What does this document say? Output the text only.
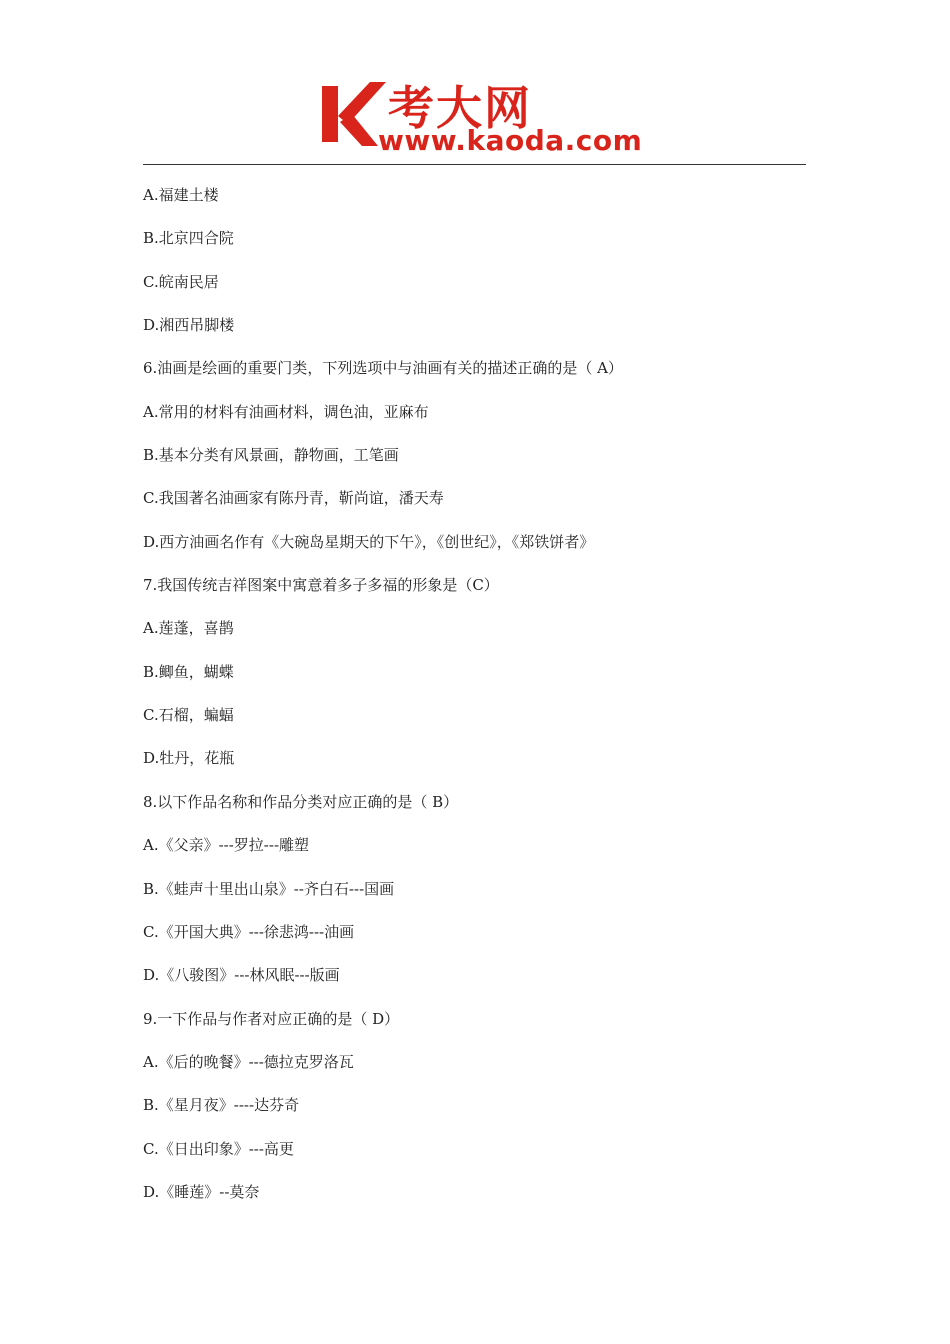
考大网
www.kaoda.com
A.福建土楼
B.北京四合院
C.皖南民居
D.湘西吊脚楼
6.油画是绘画的重要门类，下列选项中与油画有关的描述正确的是（ A）
A.常用的材料有油画材料，调色油，亚麻布
B.基本分类有风景画，静物画，工笔画
C.我国著名油画家有陈丹青，靳尚谊，潘天寿
D.西方油画名作有《大碗岛星期天的下午》，《创世纪》，《郑铁饼者》
7.我国传统吉祥图案中寓意着多子多福的形象是（C）
A.莲蓬，喜鹊
B.鲫鱼，蝴蝶
C.石榴，蝙蝠
D.牡丹，花瓶
8.以下作品名称和作品分类对应正确的是（ B）
A.《父亲》---罗拉---雕塑
B.《蛙声十里出山泉》--齐白石---国画
C.《开国大典》---徐悲鸿---油画
D.《八骏图》---林风眠---版画
9.一下作品与作者对应正确的是（ D）
A.《后的晚餐》---德拉克罗洛瓦
B.《星月夜》----达芬奇
C.《日出印象》---高更
D.《睡莲》--莫奈
